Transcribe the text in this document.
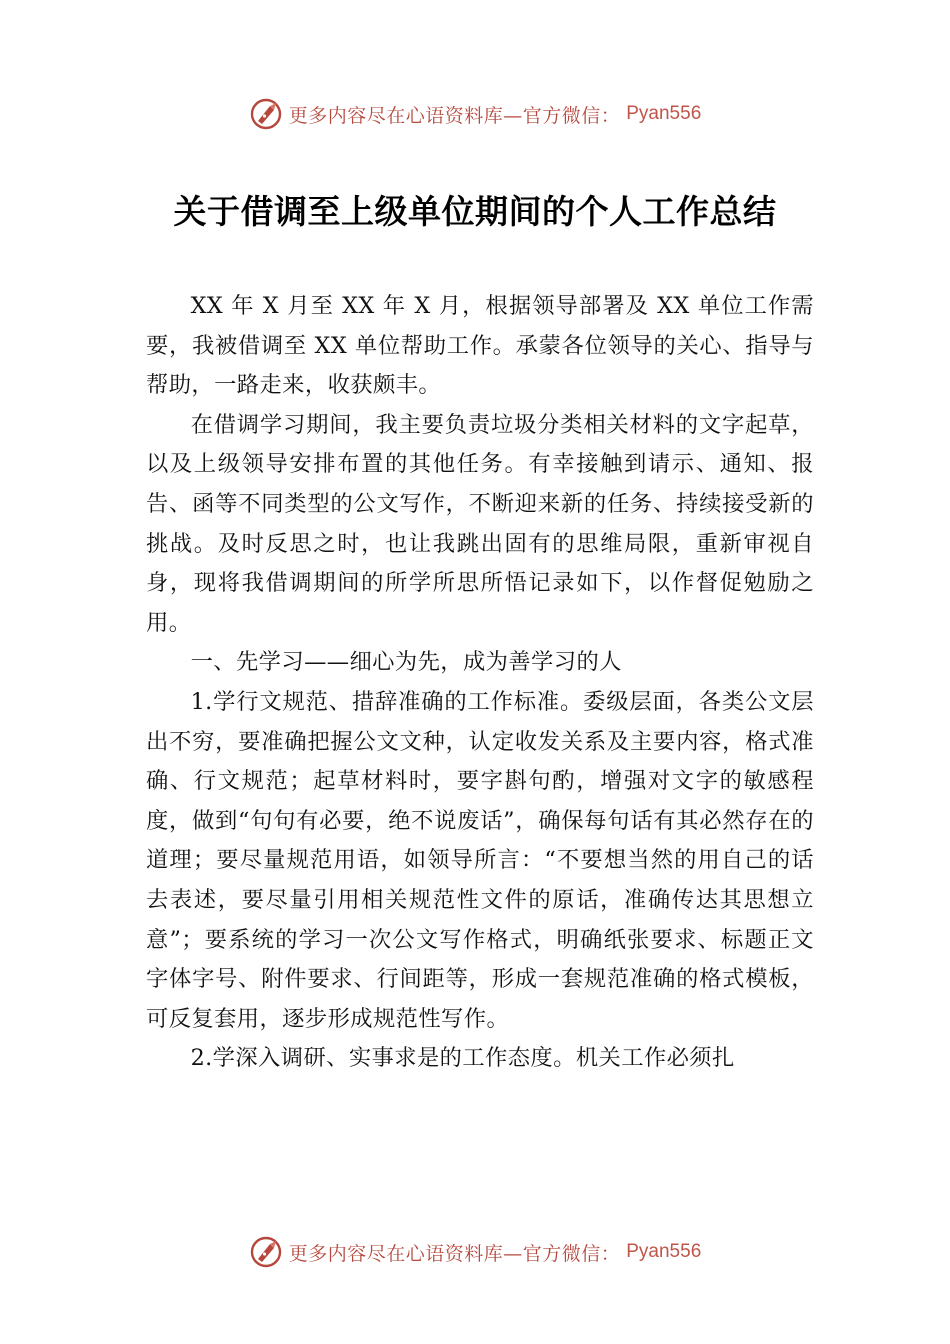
更多内容尽在心语资料库—官方微信： Pyan556
关于借调至上级单位期间的个人工作总结

XX 年 X 月至 XX 年 X 月，根据领导部署及 XX 单位工作需要，我被借调至 XX 单位帮助工作。承蒙各位领导的关心、指导与帮助，一路走来，收获颇丰。

在借调学习期间，我主要负责垃圾分类相关材料的文字起草，以及上级领导安排布置的其他任务。有幸接触到请示、通知、报告、函等不同类型的公文写作，不断迎来新的任务、持续接受新的挑战。及时反思之时，也让我跳出固有的思维局限，重新审视自身，现将我借调期间的所学所思所悟记录如下，以作督促勉励之用。

一、先学习——细心为先，成为善学习的人

1.学行文规范、措辞准确的工作标准。委级层面，各类公文层出不穷，要准确把握公文文种，认定收发关系及主要内容，格式准确、行文规范；起草材料时，要字斟句酌，增强对文字的敏感程度，做到“句句有必要，绝不说废话”，确保每句话有其必然存在的道理；要尽量规范用语，如领导所言：“不要想当然的用自己的话去表述，要尽量引用相关规范性文件的原话，准确传达其思想立意”；要系统的学习一次公文写作格式，明确纸张要求、标题正文字体字号、附件要求、行间距等，形成一套规范准确的格式模板，可反复套用，逐步形成规范性写作。

2.学深入调研、实事求是的工作态度。机关工作必须扎

更多内容尽在心语资料库—官方微信： Pyan556
